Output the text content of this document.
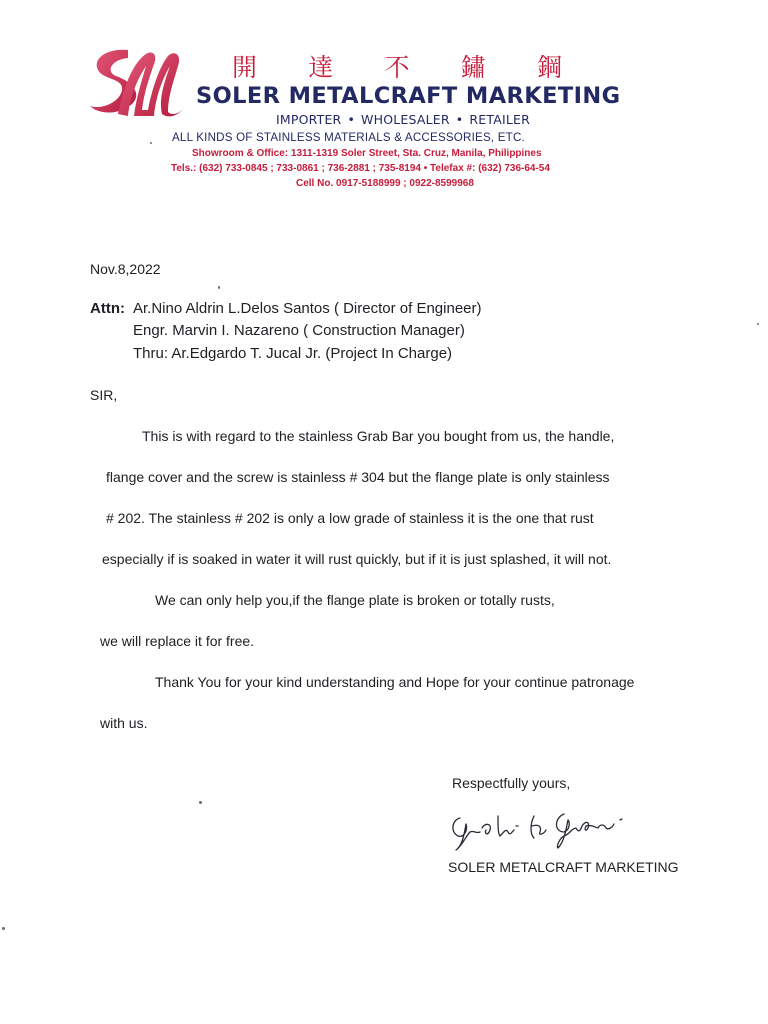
開 達 不 鏽 鋼
SOLER METALCRAFT MARKETING
IMPORTER • WHOLESALER • RETAILER
ALL KINDS OF STAINLESS MATERIALS & ACCESSORIES, ETC.
Showroom & Office: 1311-1319 Soler Street, Sta. Cruz, Manila, Philippines
Tels.: (632) 733-0845 ; 733-0861 ; 736-2881 ; 735-8194 • Telefax #: (632) 736-64-54
Cell No. 0917-5188999 ; 0922-8599968
Nov.8,2022
Attn: Ar.Nino Aldrin L.Delos Santos ( Director of Engineer)
Engr. Marvin I. Nazareno ( Construction Manager)
Thru: Ar.Edgardo T. Jucal Jr. (Project In Charge)
SIR,
This is with regard to the stainless Grab Bar you bought from us, the handle,
flange cover and the screw is stainless # 304 but the flange plate is only stainless
# 202. The stainless # 202 is only a low grade of stainless it is the one that rust
especially if is soaked in water it will rust quickly, but if it is just splashed, it will not.
We can only help you,if the flange plate is broken or totally rusts,
we will replace it for free.
Thank You for your kind understanding and Hope for your continue patronage
with us.
Respectfully yours,
SOLER METALCRAFT MARKETING
